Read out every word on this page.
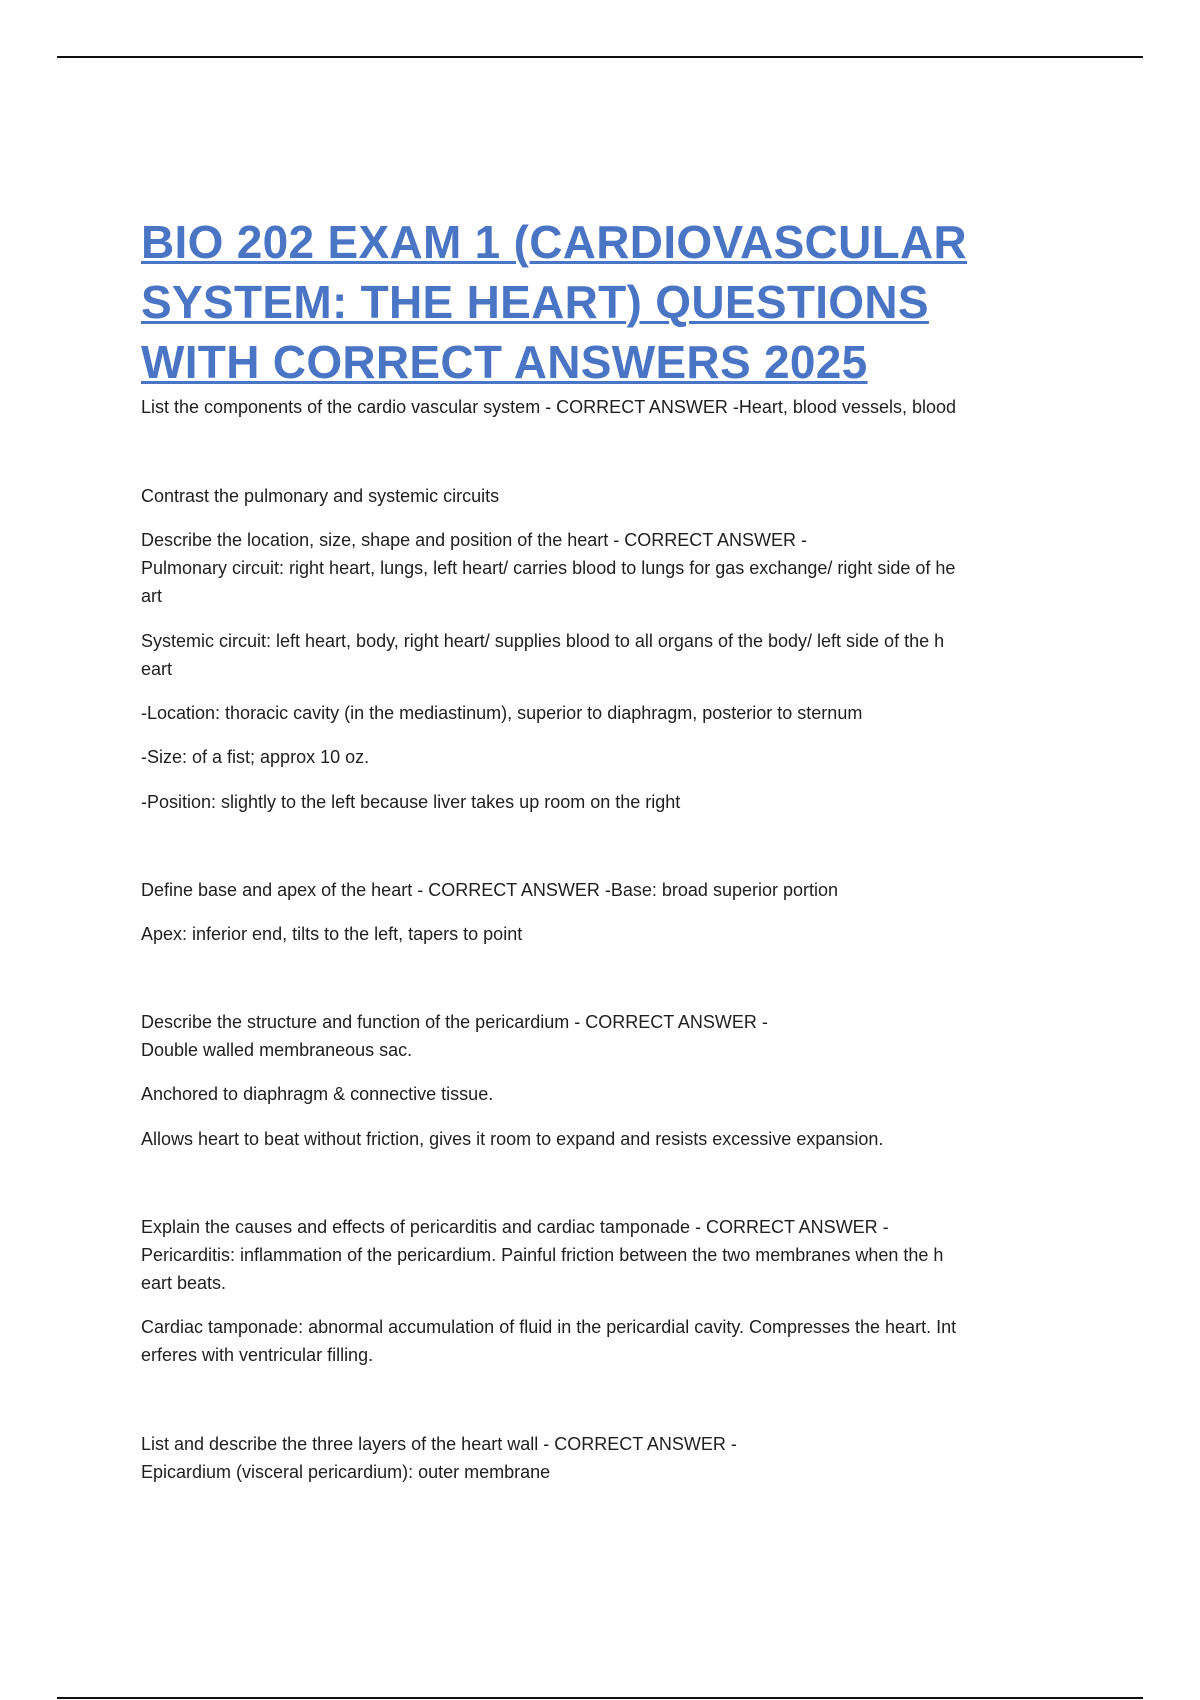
BIO 202 EXAM 1 (CARDIOVASCULAR
SYSTEM: THE HEART) QUESTIONS
WITH CORRECT ANSWERS 2025
List the components of the cardio vascular system - CORRECT ANSWER -Heart, blood vessels, blood
Contrast the pulmonary and systemic circuits
Describe the location, size, shape and position of the heart - CORRECT ANSWER -
Pulmonary circuit: right heart, lungs, left heart/ carries blood to lungs for gas exchange/ right side of he
art
Systemic circuit: left heart, body, right heart/ supplies blood to all organs of the body/ left side of the h
eart
-Location: thoracic cavity (in the mediastinum), superior to diaphragm, posterior to sternum
-Size: of a fist; approx 10 oz.
-Position: slightly to the left because liver takes up room on the right
Define base and apex of the heart - CORRECT ANSWER -Base: broad superior portion
Apex: inferior end, tilts to the left, tapers to point
Describe the structure and function of the pericardium - CORRECT ANSWER -
Double walled membraneous sac.
Anchored to diaphragm & connective tissue.
Allows heart to beat without friction, gives it room to expand and resists excessive expansion.
Explain the causes and effects of pericarditis and cardiac tamponade - CORRECT ANSWER -
Pericarditis: inflammation of the pericardium. Painful friction between the two membranes when the h
eart beats.
Cardiac tamponade: abnormal accumulation of fluid in the pericardial cavity. Compresses the heart. Int
erferes with ventricular filling.
List and describe the three layers of the heart wall - CORRECT ANSWER -
Epicardium (visceral pericardium): outer membrane
